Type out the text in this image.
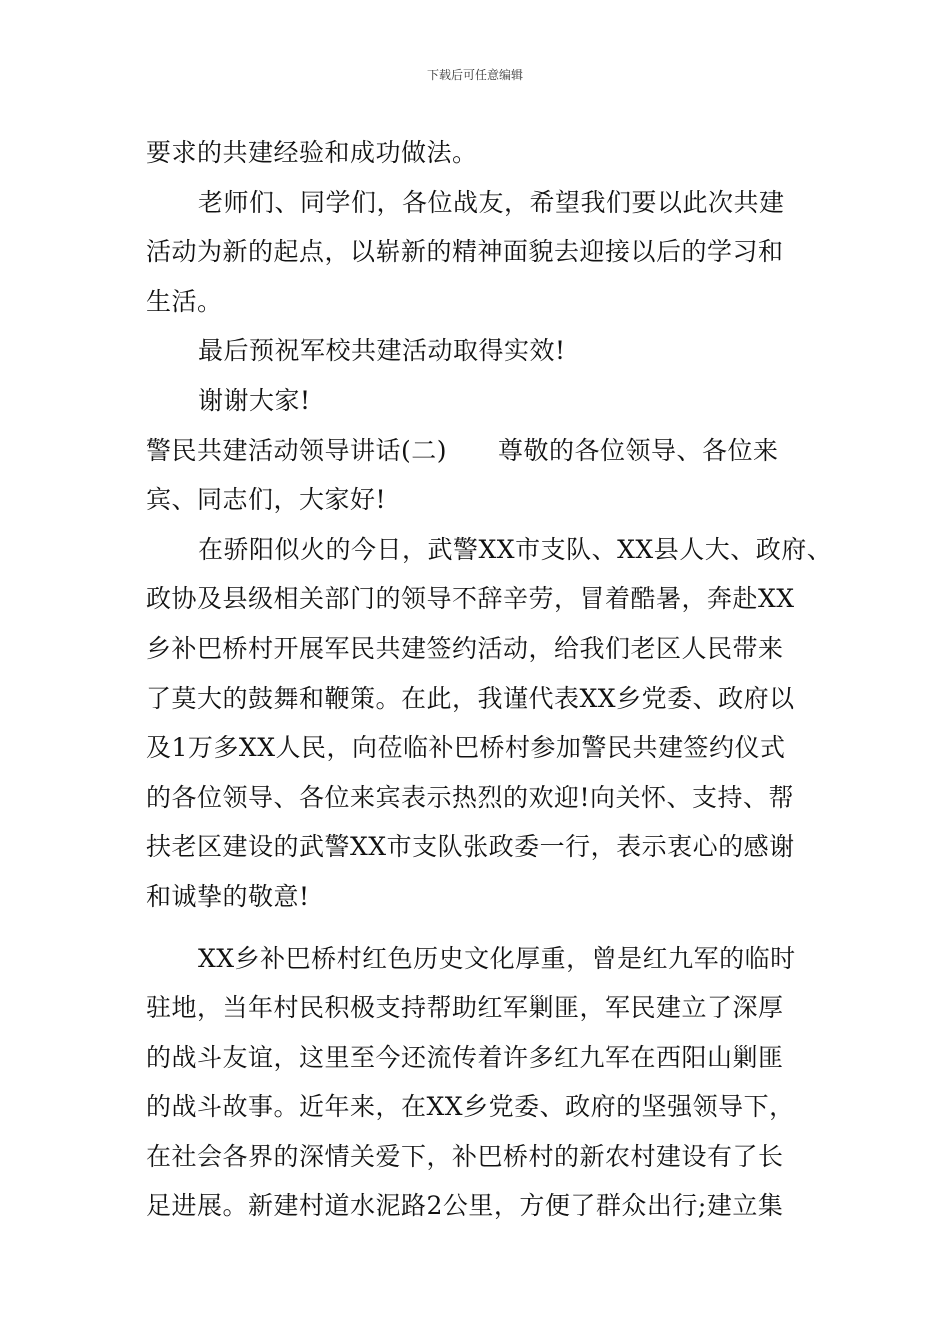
下载后可任意编辑
要求的共建经验和成功做法。
老师们、同学们，各位战友，希望我们要以此次共建
活动为新的起点，以崭新的精神面貌去迎接以后的学习和
生活。
最后预祝军校共建活动取得实效!
谢谢大家!
警民共建活动领导讲话(二)　　尊敬的各位领导、各位来
宾、同志们，大家好!
在骄阳似火的今日，武警XX市支队、XX县人大、政府、
政协及县级相关部门的领导不辞辛劳，冒着酷暑，奔赴XX
乡补巴桥村开展军民共建签约活动，给我们老区人民带来
了莫大的鼓舞和鞭策。在此，我谨代表XX乡党委、政府以
及1万多XX人民，向莅临补巴桥村参加警民共建签约仪式
的各位领导、各位来宾表示热烈的欢迎!向关怀、支持、帮
扶老区建设的武警XX市支队张政委一行，表示衷心的感谢
和诚挚的敬意!
XX乡补巴桥村红色历史文化厚重，曾是红九军的临时
驻地，当年村民积极支持帮助红军剿匪，军民建立了深厚
的战斗友谊，这里至今还流传着许多红九军在西阳山剿匪
的战斗故事。近年来，在XX乡党委、政府的坚强领导下，
在社会各界的深情关爱下，补巴桥村的新农村建设有了长
足进展。新建村道水泥路2公里，方便了群众出行;建立集
